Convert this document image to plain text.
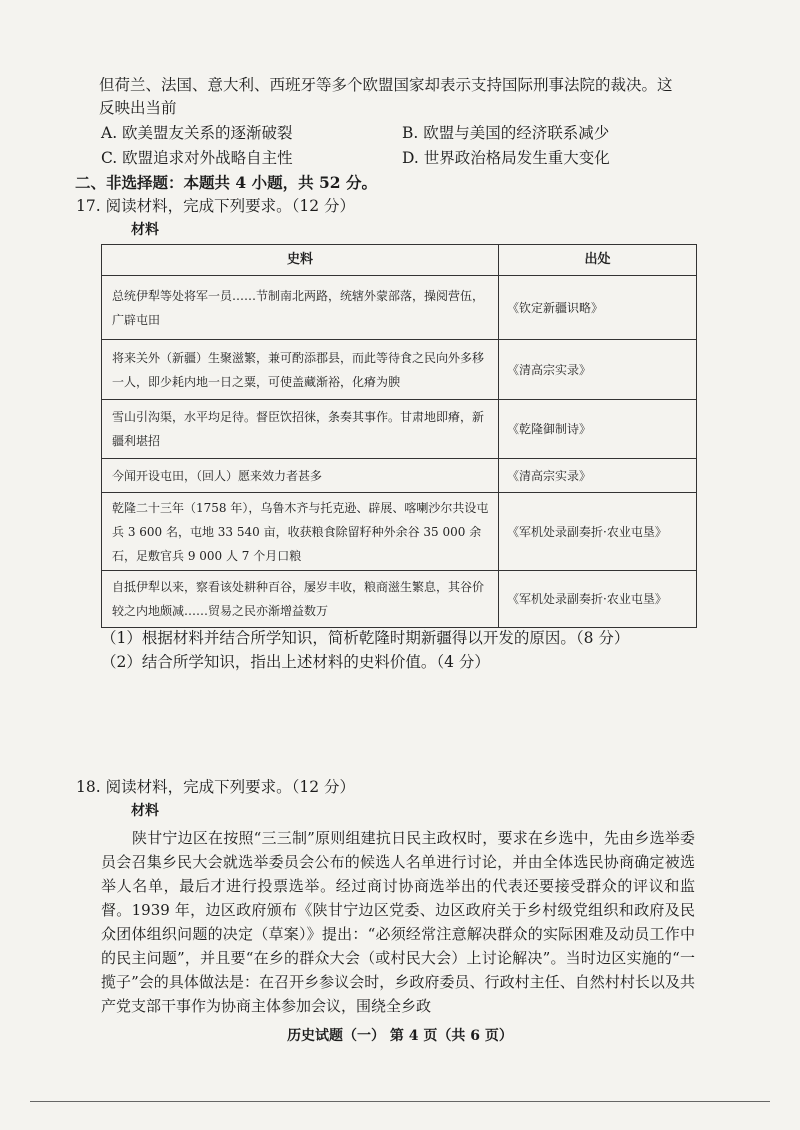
但荷兰、法国、意大利、西班牙等多个欧盟国家却表示支持国际刑事法院的裁决。这
反映出当前
A. 欧美盟友关系的逐渐破裂	B. 欧盟与美国的经济联系减少
C. 欧盟追求对外战略自主性	D. 世界政治格局发生重大变化
二、非选择题：本题共 4 小题，共 52 分。
17. 阅读材料，完成下列要求。（12 分）
材料
史料	出处
总统伊犁等处将军一员……节制南北两路，统辖外蒙部落，操阅营伍，广辟屯田	《钦定新疆识略》
将来关外（新疆）生聚滋繁，兼可酌添郡县，而此等待食之民向外多移一人，即少耗内地一日之粟，可使盖藏渐裕，化瘠为腴	《清高宗实录》
雪山引沟渠，水平均足待。督臣饮招徕，条奏其事作。甘肃地即瘠，新疆利堪招	《乾隆御制诗》
今闻开设屯田，（回人）愿来效力者甚多	《清高宗实录》
乾隆二十三年（1758 年），乌鲁木齐与托克逊、辟展、喀喇沙尔共设屯兵 3 600 名，屯地 33 540 亩，收获粮食除留籽种外余谷 35 000 余石，足敷官兵 9 000 人 7 个月口粮	《军机处录副奏折·农业屯垦》
自抵伊犁以来，察看该处耕种百谷，屡岁丰收，粮商滋生繁息，其谷价较之内地颇减……贸易之民亦渐增益数万	《军机处录副奏折·农业屯垦》
（1）根据材料并结合所学知识，简析乾隆时期新疆得以开发的原因。（8 分）
（2）结合所学知识，指出上述材料的史料价值。（4 分）
18. 阅读材料，完成下列要求。（12 分）
材料
陕甘宁边区在按照“三三制”原则组建抗日民主政权时，要求在乡选中，先由乡选举委员会召集乡民大会就选举委员会公布的候选人名单进行讨论，并由全体选民协商确定被选举人名单，最后才进行投票选举。经过商讨协商选举出的代表还要接受群众的评议和监督。1939 年，边区政府颁布《陕甘宁边区党委、边区政府关于乡村级党组织和政府及民众团体组织问题的决定（草案）》提出：“必须经常注意解决群众的实际困难及动员工作中的民主问题”，并且要“在乡的群众大会（或村民大会）上讨论解决”。当时边区实施的“一揽子”会的具体做法是：在召开乡参议会时，乡政府委员、行政村主任、自然村村长以及共产党支部干事作为协商主体参加会议，围绕全乡政
历史试题（一） 第 4 页（共 6 页）
